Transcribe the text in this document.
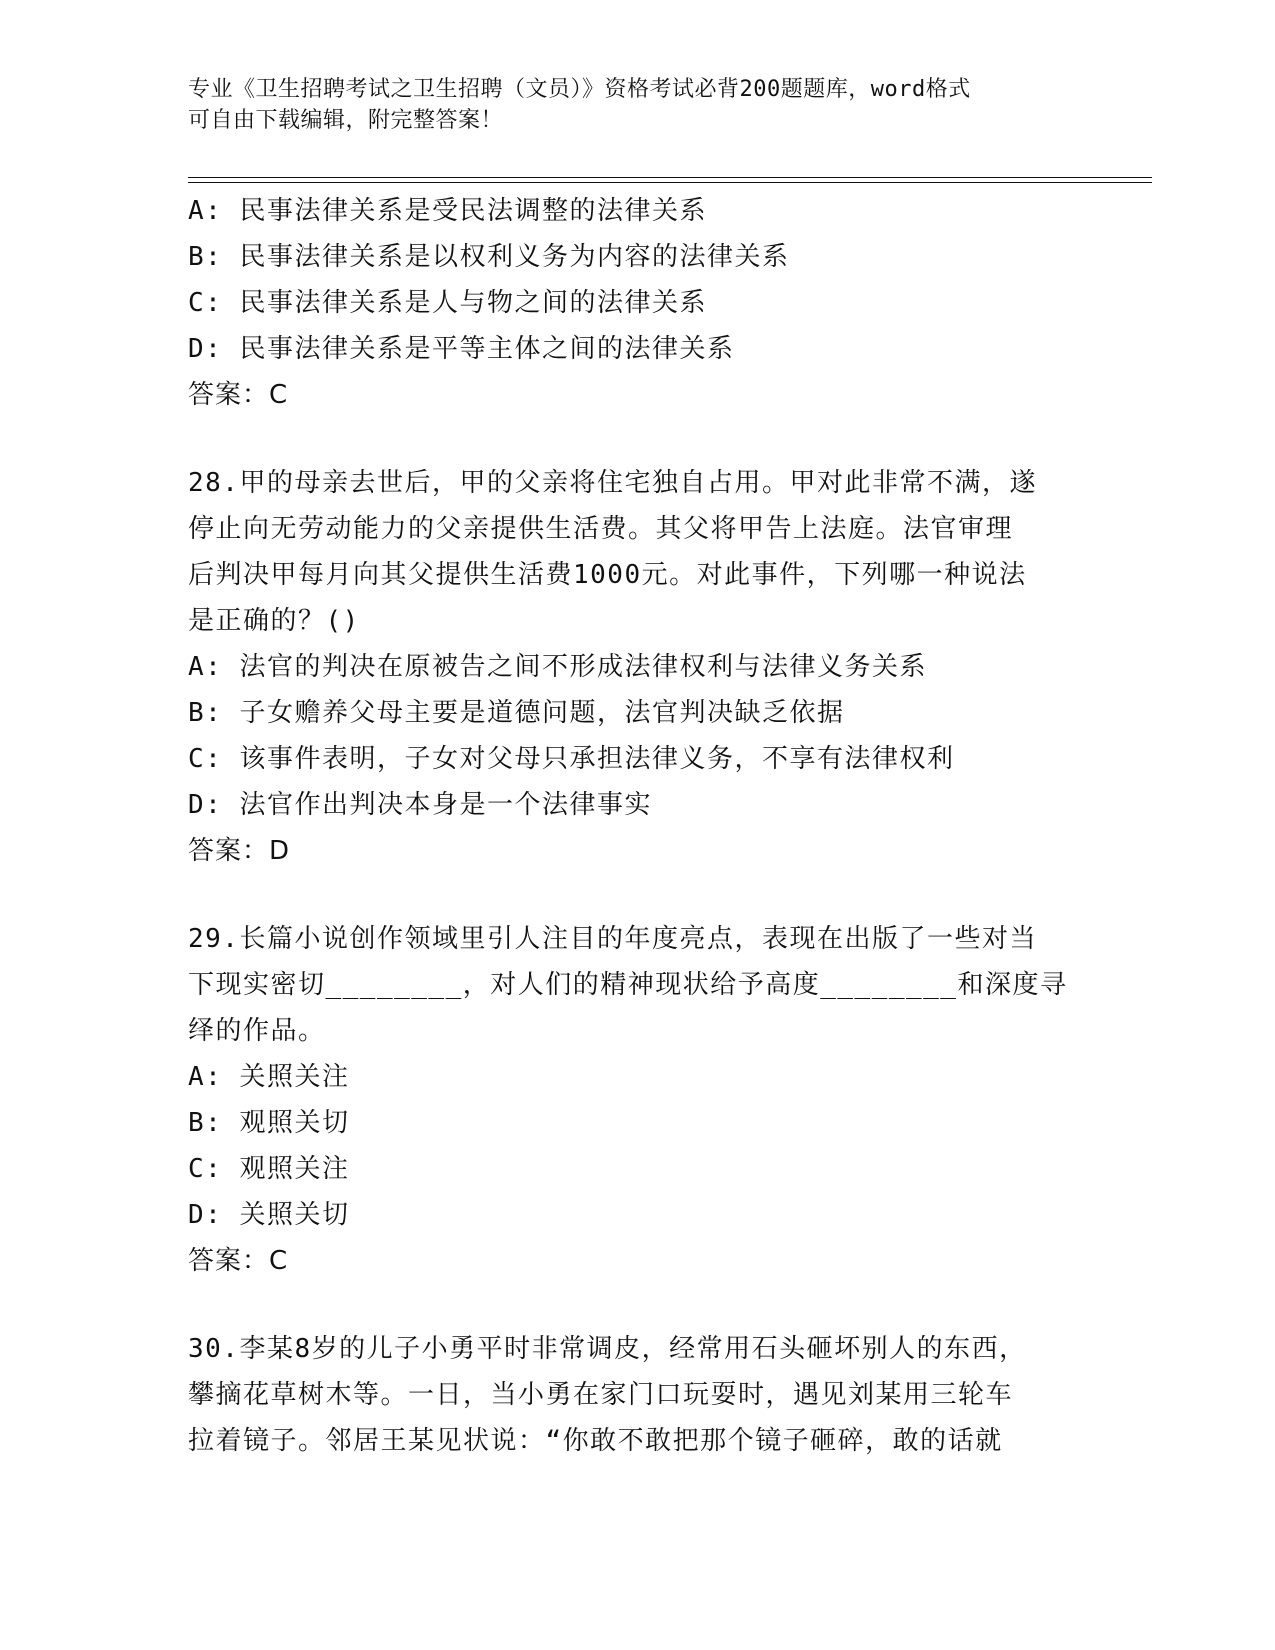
专业《卫生招聘考试之卫生招聘（文员）》资格考试必背200题题库，word格式
可自由下载编辑，附完整答案！
A: 民事法律关系是受民法调整的法律关系
B: 民事法律关系是以权利义务为内容的法律关系
C: 民事法律关系是人与物之间的法律关系
D: 民事法律关系是平等主体之间的法律关系
答案：C
28.甲的母亲去世后，甲的父亲将住宅独自占用。甲对此非常不满，遂
停止向无劳动能力的父亲提供生活费。其父将甲告上法庭。法官审理
后判决甲每月向其父提供生活费1000元。对此事件，下列哪一种说法
是正确的？()
A: 法官的判决在原被告之间不形成法律权利与法律义务关系
B: 子女赡养父母主要是道德问题，法官判决缺乏依据
C: 该事件表明，子女对父母只承担法律义务，不享有法律权利
D: 法官作出判决本身是一个法律事实
答案：D
29.长篇小说创作领域里引人注目的年度亮点，表现在出版了一些对当
下现实密切________，对人们的精神现状给予高度________和深度寻
绎的作品。
A: 关照关注
B: 观照关切
C: 观照关注
D: 关照关切
答案：C
30.李某8岁的儿子小勇平时非常调皮，经常用石头砸坏别人的东西，
攀摘花草树木等。一日，当小勇在家门口玩耍时，遇见刘某用三轮车
拉着镜子。邻居王某见状说：“你敢不敢把那个镜子砸碎，敢的话就
